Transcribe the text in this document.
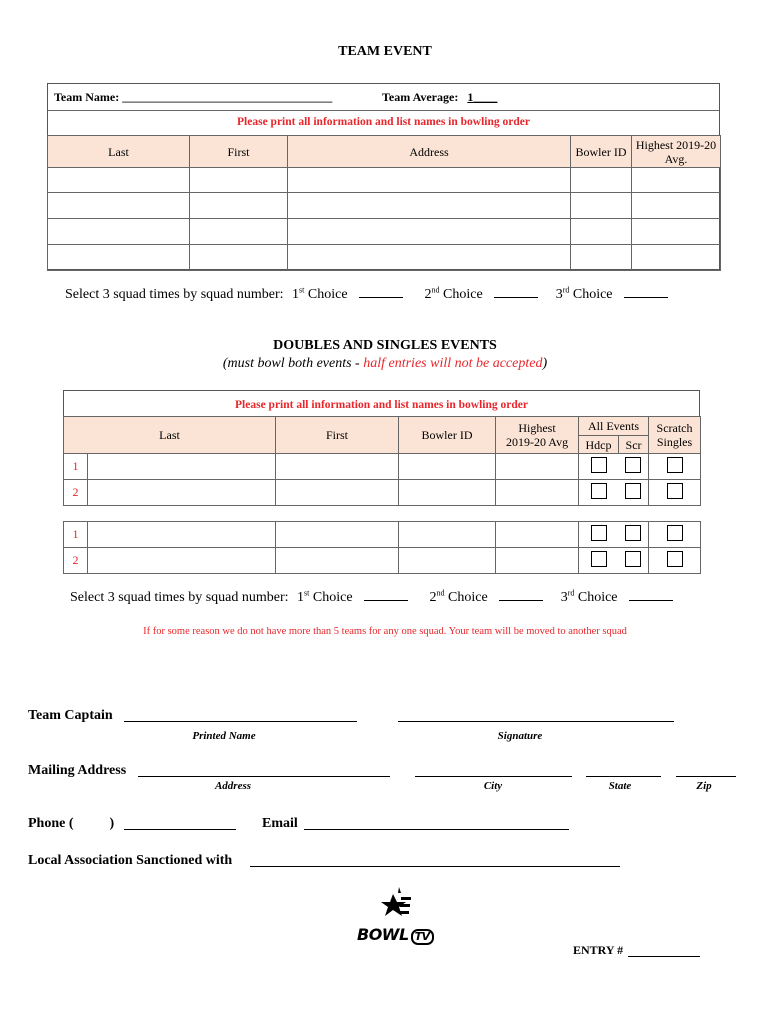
TEAM EVENT
Team Name: ___________________________________	Team Average: 1____
Please print all information and list names in bowling order
Last	First	Address	Bowler ID	Highest 2019-20 Avg.

Select 3 squad times by squad number: 1st Choice	2nd Choice	3rd Choice
DOUBLES AND SINGLES EVENTS
(must bowl both events - half entries will not be accepted)
Please print all information and list names in bowling order
Last		First	Bowler ID	Highest 2019-20 Avg	All Events		Scratch Singles
					Hdcp	Scr	
1							
2							
1							
2							
Select 3 squad times by squad number: 1st Choice	2nd Choice	3rd Choice
If for some reason we do not have more than 5 teams for any one squad. Your team will be moved to another squad
Team Captain
Printed Name	Signature
Mailing Address
Address	City	State	Zip
Phone (	)	Email
Local Association Sanctioned with
BOWL TV
ENTRY #
